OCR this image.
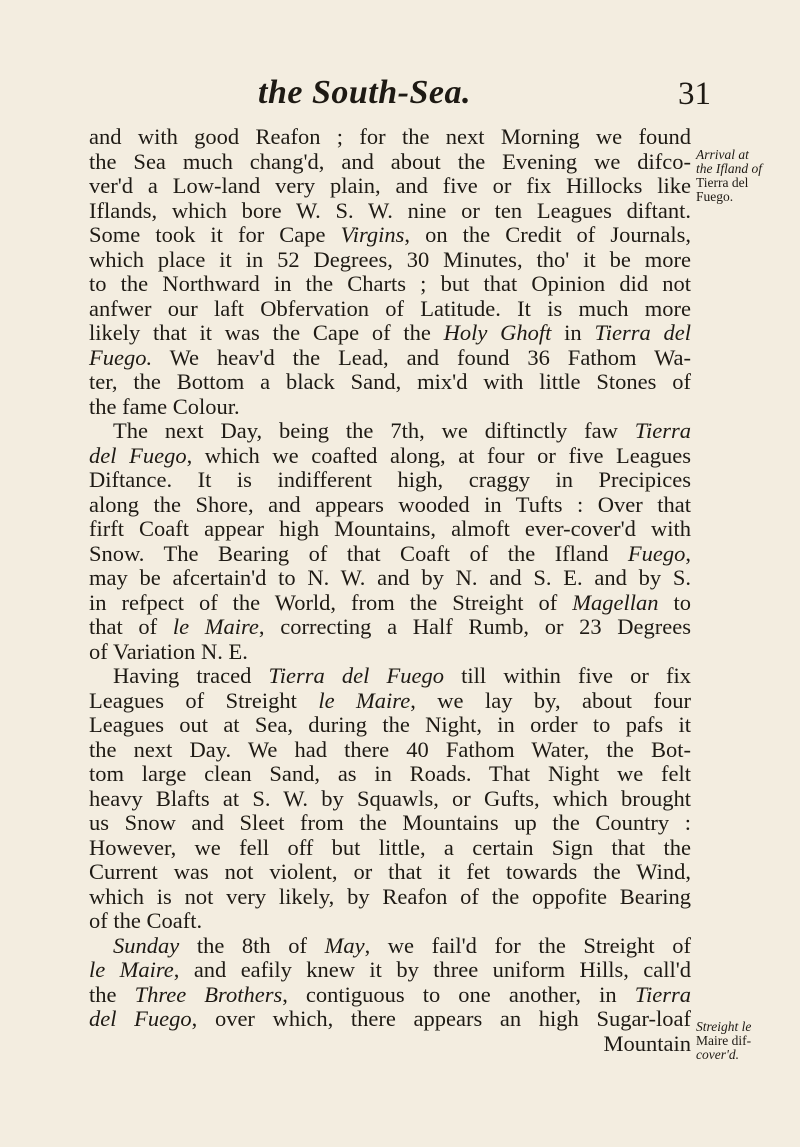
the South-Sea.	31
and with good Reafon ; for the next Morning we found
the Sea much chang'd, and about the Evening we difco-
ver'd a Low-land very plain, and five or fix Hillocks like
Iflands, which bore W. S. W. nine or ten Leagues diftant.
Some took it for Cape Virgins, on the Credit of Journals,
which place it in 52 Degrees, 30 Minutes, tho' it be more
to the Northward in the Charts ; but that Opinion did not
anfwer our laft Obfervation of Latitude. It is much more
likely that it was the Cape of the Holy Ghoft in Tierra del
Fuego. We heav'd the Lead, and found 36 Fathom Wa-
ter, the Bottom a black Sand, mix'd with little Stones of
the fame Colour.
The next Day, being the 7th, we diftinctly faw Tierra
del Fuego, which we coafted along, at four or five Leagues
Diftance. It is indifferent high, craggy in Precipices
along the Shore, and appears wooded in Tufts : Over that
firft Coaft appear high Mountains, almoft ever-cover'd with
Snow. The Bearing of that Coaft of the Ifland Fuego,
may be afcertain'd to N. W. and by N. and S. E. and by S.
in refpect of the World, from the Streight of Magellan to
that of le Maire, correcting a Half Rumb, or 23 Degrees
of Variation N. E.
Having traced Tierra del Fuego till within five or fix
Leagues of Streight le Maire, we lay by, about four
Leagues out at Sea, during the Night, in order to pafs it
the next Day. We had there 40 Fathom Water, the Bot-
tom large clean Sand, as in Roads. That Night we felt
heavy Blafts at S. W. by Squawls, or Gufts, which brought
us Snow and Sleet from the Mountains up the Country :
However, we fell off but little, a certain Sign that the
Current was not violent, or that it fet towards the Wind,
which is not very likely, by Reafon of the oppofite Bearing
of the Coaft.
Sunday the 8th of May, we fail'd for the Streight of
le Maire, and eafily knew it by three uniform Hills, call'd
the Three Brothers, contiguous to one another, in Tierra
del Fuego, over which, there appears an high Sugar-loaf
Mountain
Arrival at
the Ifland of
Tierra del
Fuego.
Streight le
Maire dif-
cover'd.
